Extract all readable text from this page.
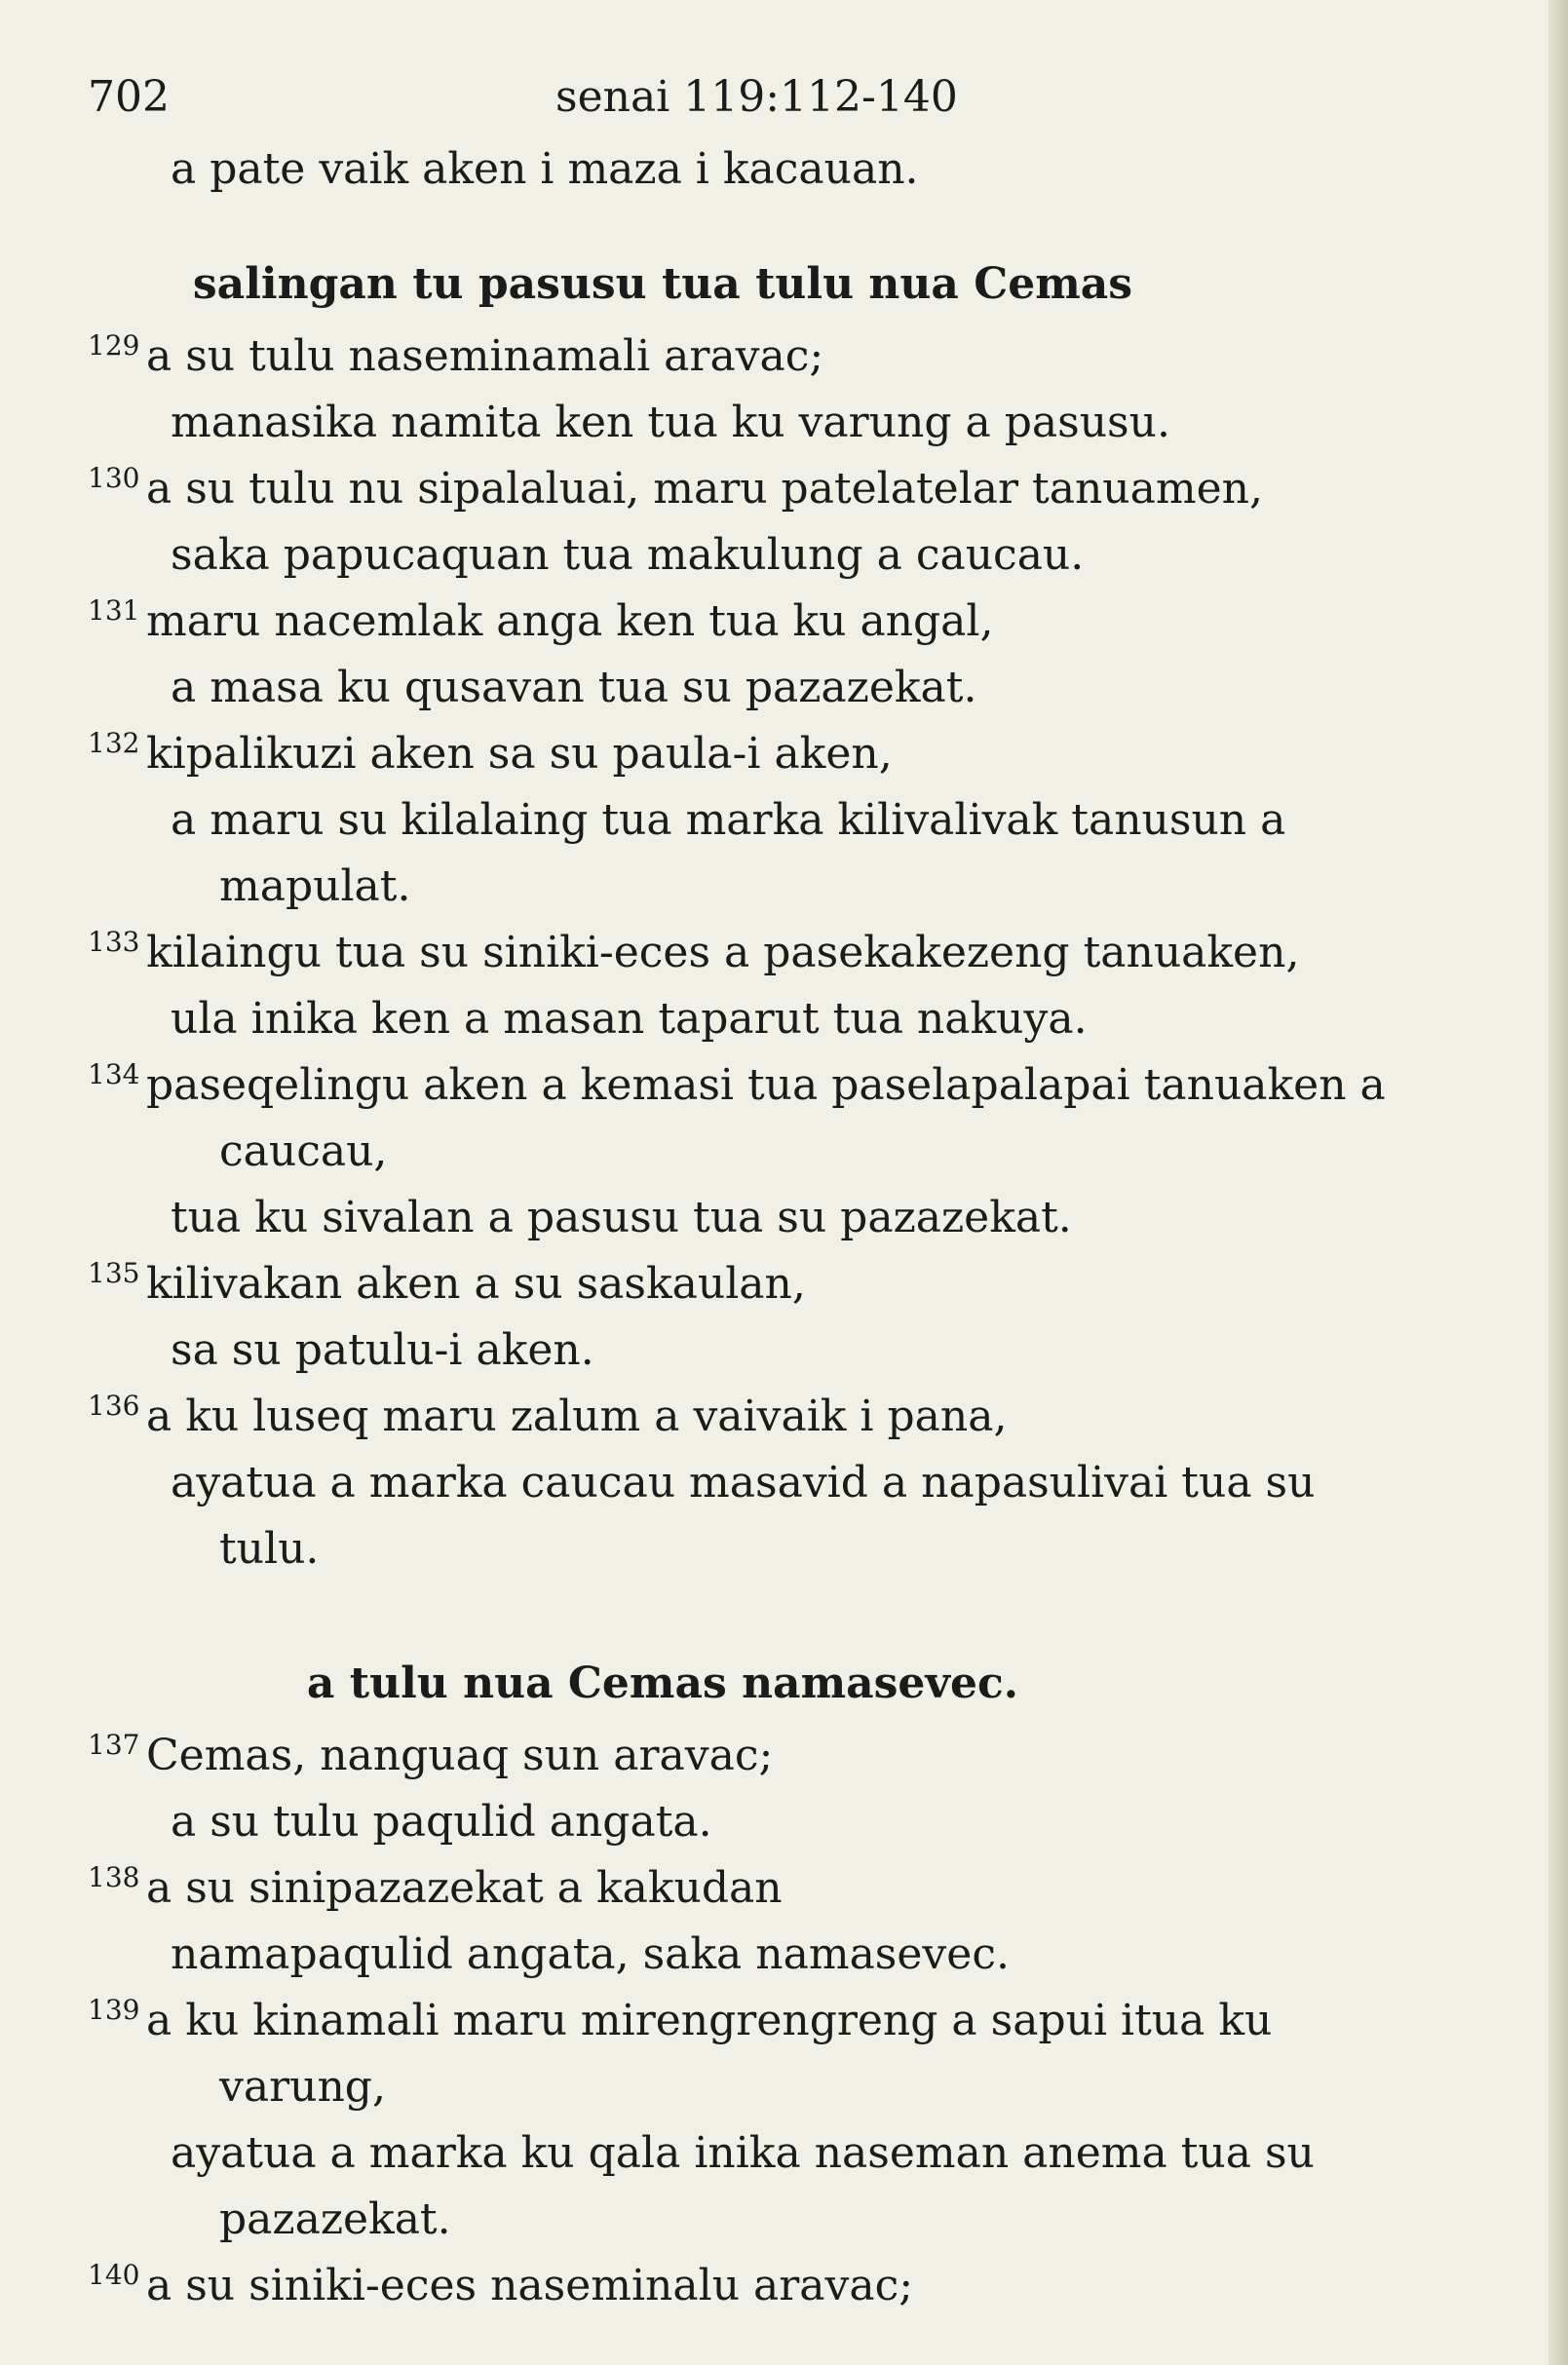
702	senai 119:112-140
a pate vaik aken i maza i kacauan.
salingan tu pasusu tua tulu nua Cemas
129 a su tulu naseminamali aravac;
manasika namita ken tua ku varung a pasusu.
130 a su tulu nu sipalaluai, maru patelatelar tanuamen,
saka papucaquan tua makulung a caucau.
131 maru nacemlak anga ken tua ku angal,
a masa ku qusavan tua su pazazekat.
132 kipalikuzi aken sa su paula-i aken,
a maru su kilalaing tua marka kilivalivak tanusun a
mapulat.
133 kilaingu tua su siniki-eces a pasekakezeng tanuaken,
ula inika ken a masan taparut tua nakuya.
134 paseqelingu aken a kemasi tua paselapalapai tanuaken a
caucau,
tua ku sivalan a pasusu tua su pazazekat.
135 kilivakan aken a su saskaulan,
sa su patulu-i aken.
136 a ku luseq maru zalum a vaivaik i pana,
ayatua a marka caucau masavid a napasulivai tua su
tulu.
a tulu nua Cemas namasevec.
137 Cemas, nanguaq sun aravac;
a su tulu paqulid angata.
138 a su sinipazazekat a kakudan
namapaqulid angata, saka namasevec.
139 a ku kinamali maru mirengrengreng a sapui itua ku
varung,
ayatua a marka ku qala inika naseman anema tua su
pazazekat.
140 a su siniki-eces naseminalu aravac;
